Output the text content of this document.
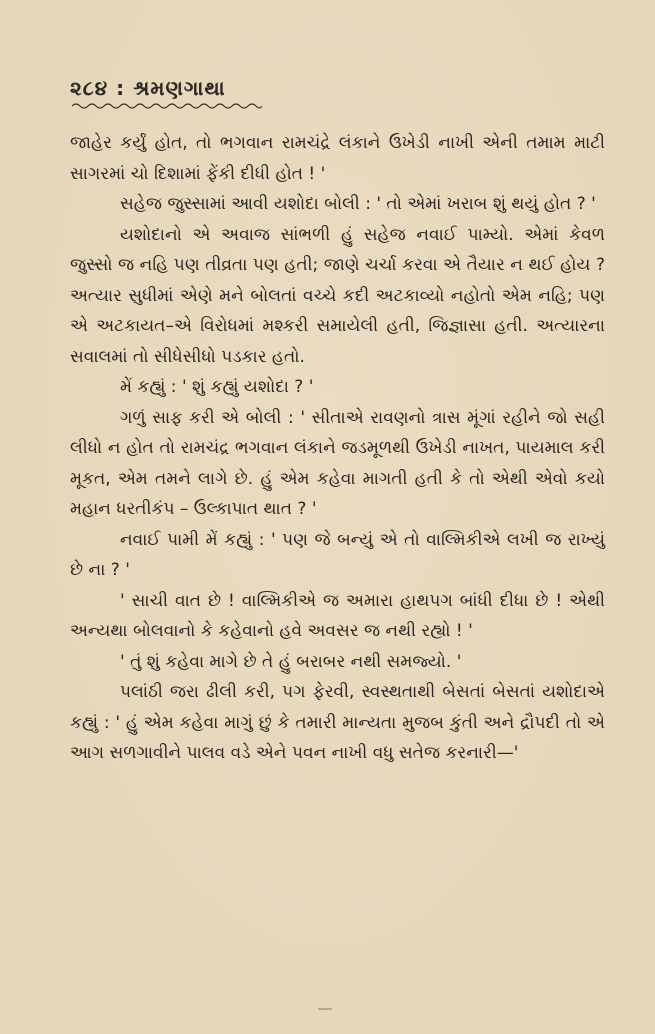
૨૮૪ : શ્રમણગાથા

જાહેર કર્યું હોત, તો ભગવાન રામચંદ્રે લંકાને ઉખેડી નાખી એની તમામ માટી સાગરમાં ચો દિશામાં ફેંકી દીધી હોત ! '

સહેજ જુસ્સામાં આવી યશોદા બોલી : ' તો એમાં ખરાબ શું થયું હોત ? '

યશોદાનો એ અવાજ સાંભળી હું સહેજ નવાઈ પામ્યો. એમાં કેવળ જુસ્સો જ નહિ પણ તીવ્રતા પણ હતી; જાણે ચર્ચા કરવા એ તૈયાર ન થઈ હોય ? અત્યાર સુધીમાં એણે મને બોલતાં વચ્ચે કદી અટકાવ્યો નહોતો એમ નહિ; પણ એ અટકાયત–એ વિરોધમાં મશ્કરી સમાયેલી હતી, જિજ્ઞાસા હતી. અત્યારના સવાલમાં તો સીધેસીધો પડકાર હતો.

મેં કહ્યું : ' શું કહ્યું યશોદા ? '

ગળું સાફ કરી એ બોલી : ' સીતાએ રાવણનો ત્રાસ મૂંગાં રહીને જો સહી લીધો ન હોત તો રામચંદ્ર ભગવાન લંકાને જડમૂળથી ઉખેડી નાખત, પાયમાલ કરી મૂકત, એમ તમને લાગે છે. હું એમ કહેવા માગતી હતી કે તો એથી એવો કયો મહાન ધરતીકંપ – ઉલ્કાપાત થાત ? '

નવાઈ પામી મેં કહ્યું : ' પણ જે બન્યું એ તો વાલ્મિકીએ લખી જ રાખ્યું છે ના ? '

' સાચી વાત છે ! વાલ્મિકીએ જ અમારા હાથપગ બાંધી દીધા છે ! એથી અન્યથા બોલવાનો કે કહેવાનો હવે અવસર જ નથી રહ્યો ! '

' તું શું કહેવા માગે છે તે હું બરાબર નથી સમજ્યો. '

પલાંઠી જરા ઢીલી કરી, પગ ફેરવી, સ્વસ્થતાથી બેસતાં બેસતાં યશોદાએ કહ્યું : ' હું એમ કહેવા માગું છું કે તમારી માન્યતા મુજબ કુંતી અને દ્રૌપદી તો એ આગ સળગાવીને પાલવ વડે એને પવન નાખી વધુ સતેજ કરનારી—'
